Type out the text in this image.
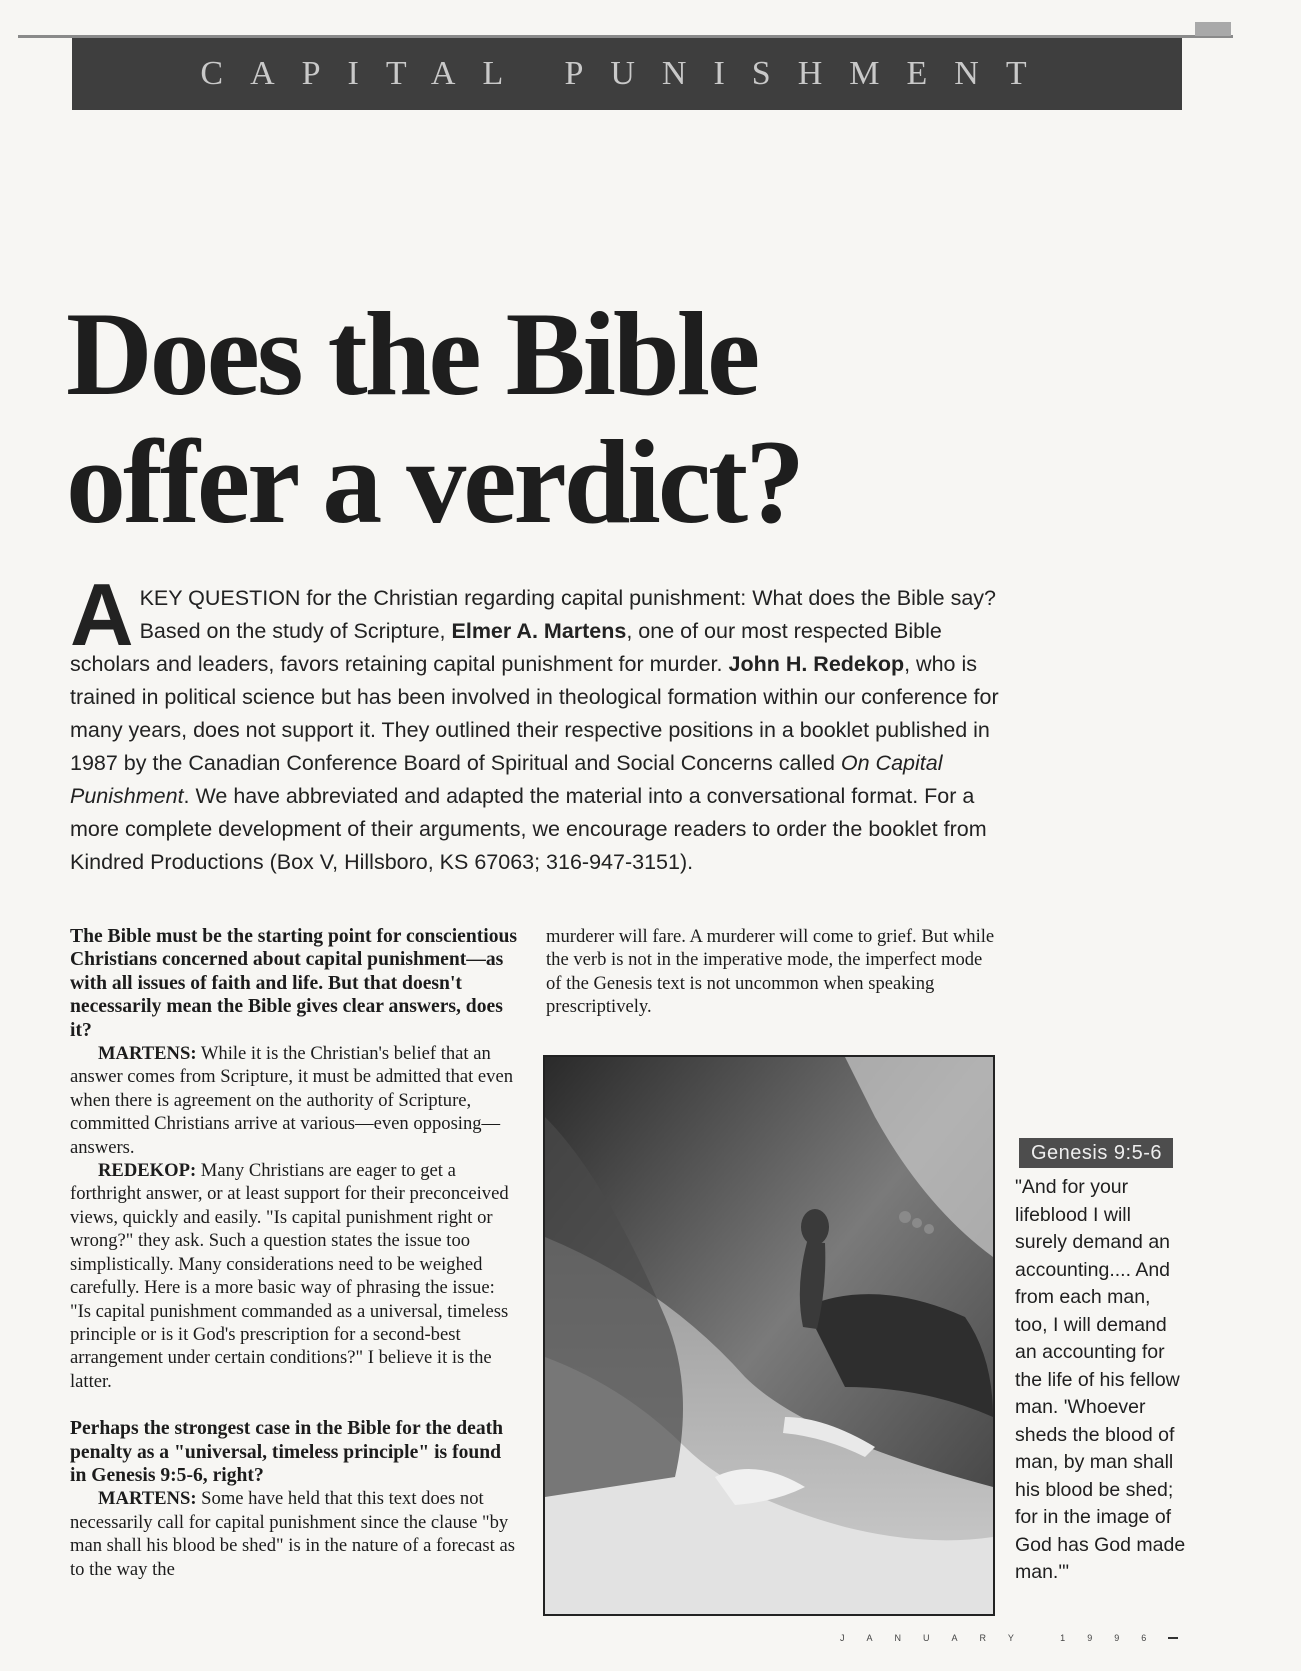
CAPITAL PUNISHMENT
Does the Bible
offer a verdict?
A KEY QUESTION for the Christian regarding capital punishment: What does the Bible say? Based on the study of Scripture, Elmer A. Martens, one of our most respected Bible scholars and leaders, favors retaining capital punishment for murder. John H. Redekop, who is trained in political science but has been involved in theological formation within our conference for many years, does not support it. They outlined their respective positions in a booklet published in 1987 by the Canadian Conference Board of Spiritual and Social Concerns called On Capital Punishment. We have abbreviated and adapted the material into a conversational format. For a more complete development of their arguments, we encourage readers to order the booklet from Kindred Productions (Box V, Hillsboro, KS 67063; 316-947-3151).

The Bible must be the starting point for conscientious Christians concerned about capital punishment—as with all issues of faith and life. But that doesn't necessarily mean the Bible gives clear answers, does it?

MARTENS: While it is the Christian's belief that an answer comes from Scripture, it must be admitted that even when there is agreement on the authority of Scripture, committed Christians arrive at various—even opposing—answers.

REDEKOP: Many Christians are eager to get a forthright answer, or at least support for their preconceived views, quickly and easily. "Is capital punishment right or wrong?" they ask. Such a question states the issue too simplistically. Many considerations need to be weighed carefully. Here is a more basic way of phrasing the issue: "Is capital punishment commanded as a universal, timeless principle or is it God's prescription for a second-best arrangement under certain conditions?" I believe it is the latter.

Perhaps the strongest case in the Bible for the death penalty as a "universal, timeless principle" is found in Genesis 9:5-6, right?

MARTENS: Some have held that this text does not necessarily call for capital punishment since the clause "by man shall his blood be shed" is in the nature of a forecast as to the way the

murderer will fare. A murderer will come to grief. But while the verb is not in the imperative mode, the imperfect mode of the Genesis text is not uncommon when speaking prescriptively.

Genesis 9:5-6
"And for your lifeblood I will surely demand an accounting.... And from each man, too, I will demand an accounting for the life of his fellow man. 'Whoever sheds the blood of man, by man shall his blood be shed; for in the image of God has God made man.'"
JANUARY 1996
